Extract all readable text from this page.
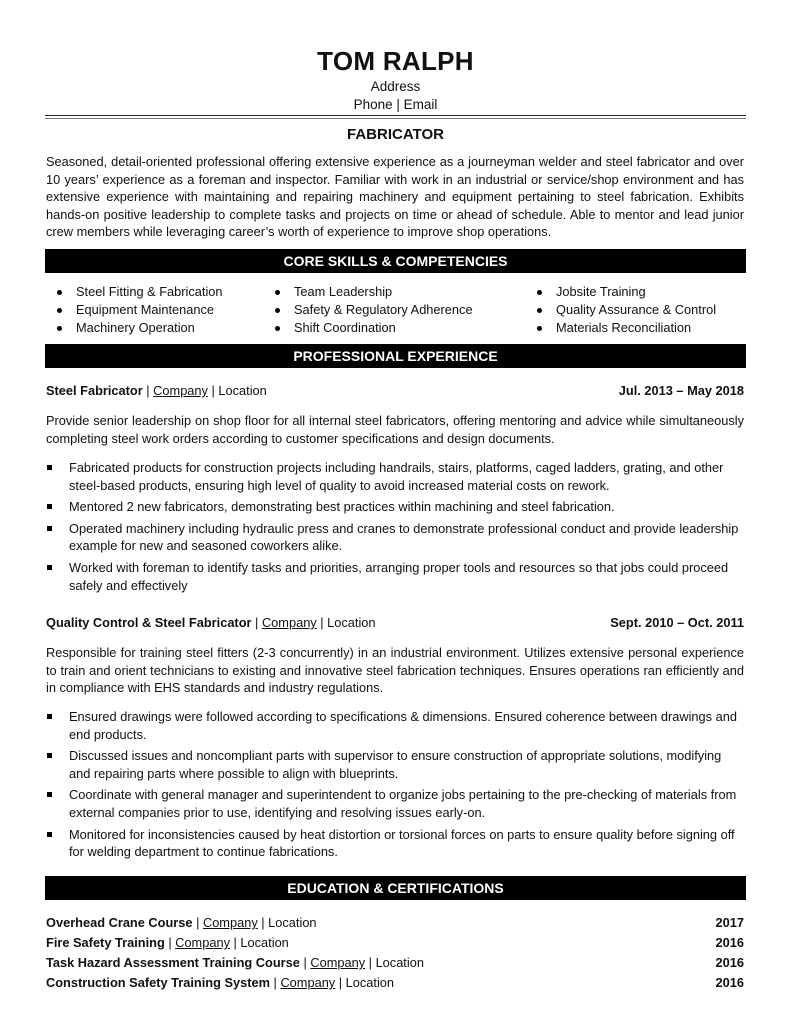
TOM RALPH
Address
Phone | Email
FABRICATOR
Seasoned, detail-oriented professional offering extensive experience as a journeyman welder and steel fabricator and over 10 years’ experience as a foreman and inspector. Familiar with work in an industrial or service/shop environment and has extensive experience with maintaining and repairing machinery and equipment pertaining to steel fabrication. Exhibits hands-on positive leadership to complete tasks and projects on time or ahead of schedule. Able to mentor and lead junior crew members while leveraging career’s worth of experience to improve shop operations.
CORE SKILLS & COMPETENCIES
Steel Fitting & Fabrication
Equipment Maintenance
Machinery Operation
Team Leadership
Safety & Regulatory Adherence
Shift Coordination
Jobsite Training
Quality Assurance & Control
Materials Reconciliation
PROFESSIONAL EXPERIENCE
Steel Fabricator | Company | Location	Jul. 2013 – May 2018
Provide senior leadership on shop floor for all internal steel fabricators, offering mentoring and advice while simultaneously completing steel work orders according to customer specifications and design documents.
Fabricated products for construction projects including handrails, stairs, platforms, caged ladders, grating, and other steel-based products, ensuring high level of quality to avoid increased material costs on rework.
Mentored 2 new fabricators, demonstrating best practices within machining and steel fabrication.
Operated machinery including hydraulic press and cranes to demonstrate professional conduct and provide leadership example for new and seasoned coworkers alike.
Worked with foreman to identify tasks and priorities, arranging proper tools and resources so that jobs could proceed safely and effectively
Quality Control & Steel Fabricator | Company | Location	Sept. 2010 – Oct. 2011
Responsible for training steel fitters (2-3 concurrently) in an industrial environment. Utilizes extensive personal experience to train and orient technicians to existing and innovative steel fabrication techniques. Ensures operations ran efficiently and in compliance with EHS standards and industry regulations.
Ensured drawings were followed according to specifications & dimensions. Ensured coherence between drawings and end products.
Discussed issues and noncompliant parts with supervisor to ensure construction of appropriate solutions, modifying and repairing parts where possible to align with blueprints.
Coordinate with general manager and superintendent to organize jobs pertaining to the pre-checking of materials from external companies prior to use, identifying and resolving issues early-on.
Monitored for inconsistencies caused by heat distortion or torsional forces on parts to ensure quality before signing off for welding department to continue fabrications.
EDUCATION & CERTIFICATIONS
Overhead Crane Course | Company | Location	2017
Fire Safety Training | Company | Location	2016
Task Hazard Assessment Training Course | Company | Location	2016
Construction Safety Training System | Company | Location	2016
